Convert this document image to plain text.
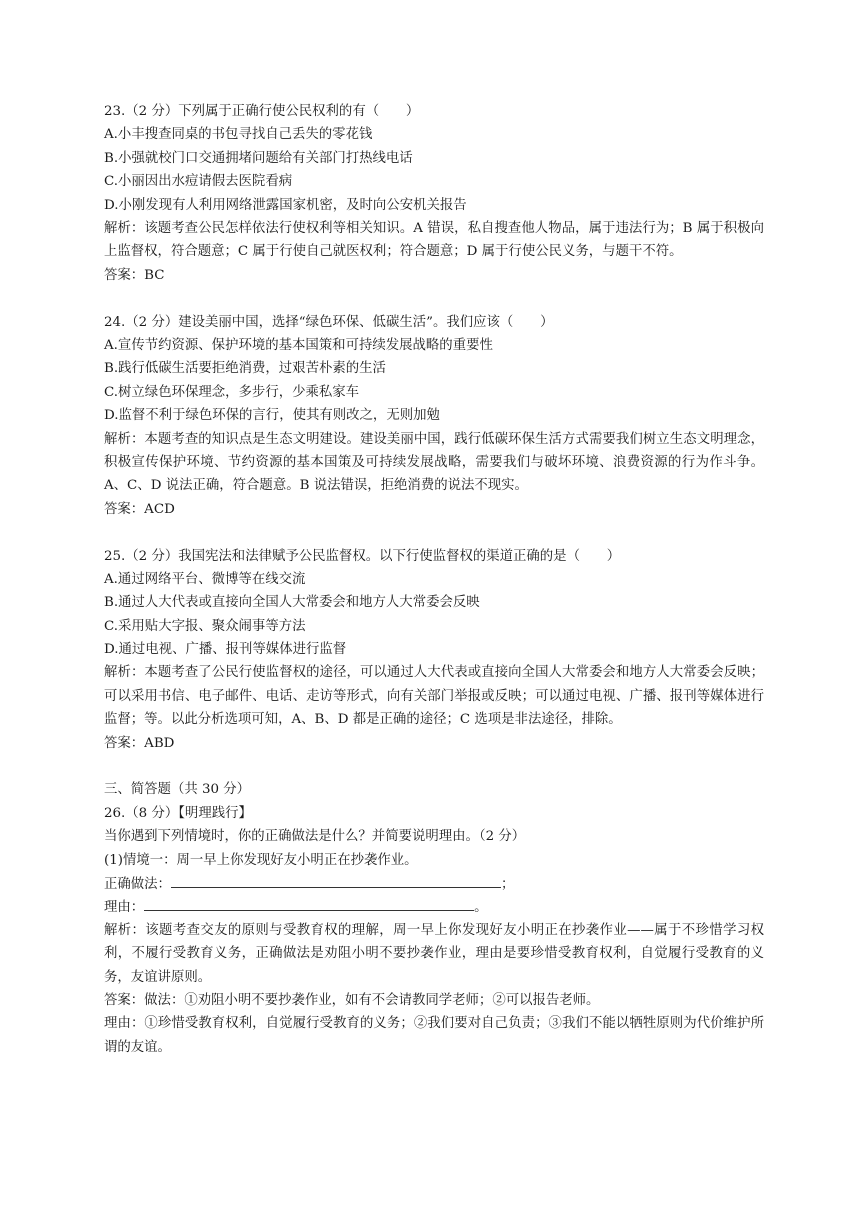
23.（2 分）下列属于正确行使公民权利的有（　　）
A.小丰搜查同桌的书包寻找自己丢失的零花钱
B.小强就校门口交通拥堵问题给有关部门打热线电话
C.小丽因出水痘请假去医院看病
D.小刚发现有人利用网络泄露国家机密，及时向公安机关报告
解析：该题考查公民怎样依法行使权利等相关知识。A 错误，私自搜查他人物品，属于违法行为；B 属于积极向上监督权，符合题意；C 属于行使自己就医权利；符合题意；D 属于行使公民义务，与题干不符。
答案：BC
24.（2 分）建设美丽中国，选择“绿色环保、低碳生活”。我们应该（　　）
A.宣传节约资源、保护环境的基本国策和可持续发展战略的重要性
B.践行低碳生活要拒绝消费，过艰苦朴素的生活
C.树立绿色环保理念，多步行，少乘私家车
D.监督不利于绿色环保的言行，使其有则改之，无则加勉
解析：本题考查的知识点是生态文明建设。建设美丽中国，践行低碳环保生活方式需要我们树立生态文明理念，积极宣传保护环境、节约资源的基本国策及可持续发展战略，需要我们与破坏环境、浪费资源的行为作斗争。A、C、D 说法正确，符合题意。B 说法错误，拒绝消费的说法不现实。
答案：ACD
25.（2 分）我国宪法和法律赋予公民监督权。以下行使监督权的渠道正确的是（　　）
A.通过网络平台、微博等在线交流
B.通过人大代表或直接向全国人大常委会和地方人大常委会反映
C.采用贴大字报、聚众闹事等方法
D.通过电视、广播、报刊等媒体进行监督
解析：本题考查了公民行使监督权的途径，可以通过人大代表或直接向全国人大常委会和地方人大常委会反映；可以采用书信、电子邮件、电话、走访等形式，向有关部门举报或反映；可以通过电视、广播、报刊等媒体进行监督；等。以此分析选项可知，A、B、D 都是正确的途径；C 选项是非法途径，排除。
答案：ABD
三、简答题（共 30 分）
26.（8 分）【明理践行】
当你遇到下列情境时，你的正确做法是什么？并简要说明理由。（2 分）
(1)情境一：周一早上你发现好友小明正在抄袭作业。
正确做法：	；
理由：	。
解析：该题考查交友的原则与受教育权的理解，周一早上你发现好友小明正在抄袭作业——属于不珍惜学习权利，不履行受教育义务，正确做法是劝阻小明不要抄袭作业，理由是要珍惜受教育权利，自觉履行受教育的义务，友谊讲原则。
答案：做法：①劝阻小明不要抄袭作业，如有不会请教同学老师；②可以报告老师。
理由：①珍惜受教育权利，自觉履行受教育的义务；②我们要对自己负责；③我们不能以牺牲原则为代价维护所谓的友谊。
